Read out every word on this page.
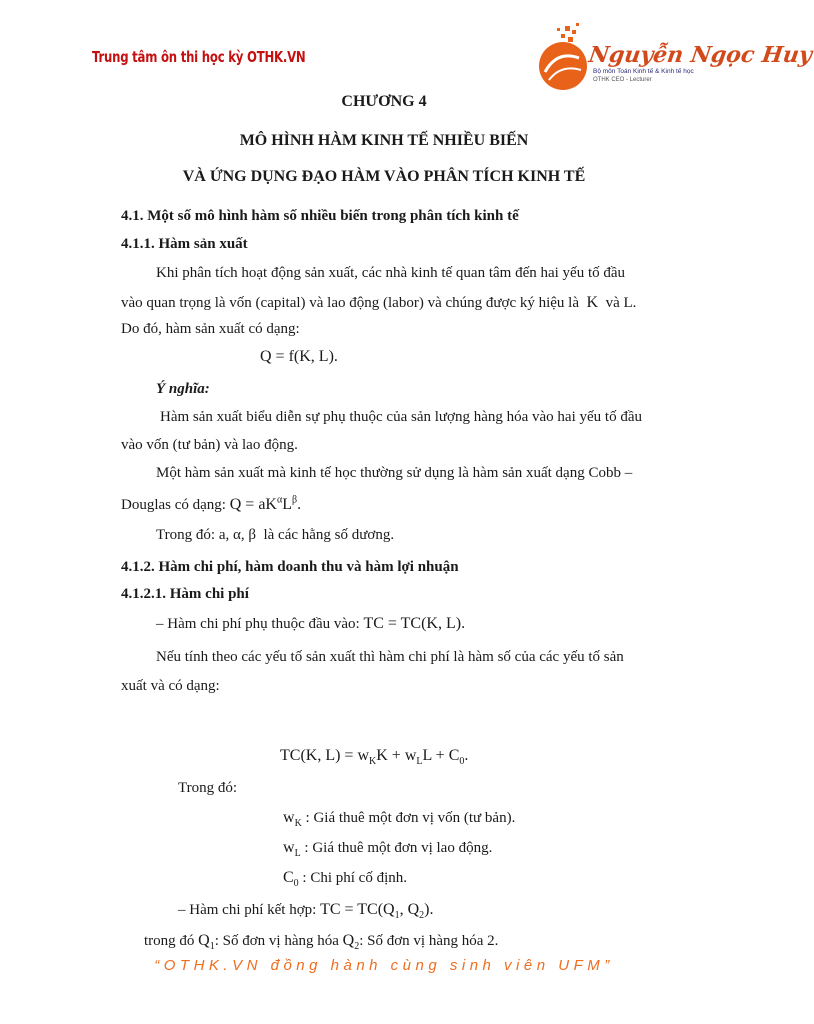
Trung tâm ôn thi học kỳ OTHK.VN	Nguyễn Ngọc Huy
Bộ môn Toán Kinh tế & Kinh tế học
OTHK CEO - Lecturer
CHƯƠNG 4
MÔ HÌNH HÀM KINH TẾ NHIỀU BIẾN
VÀ ỨNG DỤNG ĐẠO HÀM VÀO PHÂN TÍCH KINH TẾ
4.1. Một số mô hình hàm số nhiều biến trong phân tích kinh tế
4.1.1. Hàm sản xuất
Khi phân tích hoạt động sản xuất, các nhà kinh tế quan tâm đến hai yếu tố đầu
vào quan trọng là vốn (capital) và lao động (labor) và chúng được ký hiệu là K và L.
Do đó, hàm sản xuất có dạng:
Q = f(K, L).
Ý nghĩa:
Hàm sản xuất biểu diễn sự phụ thuộc của sản lượng hàng hóa vào hai yếu tố đầu
vào vốn (tư bản) và lao động.
Một hàm sản xuất mà kinh tế học thường sử dụng là hàm sản xuất dạng Cobb –
Douglas có dạng: $Q = aK^\alpha L^\beta$.
Trong đó: a, α, β là các hằng số dương.
4.1.2. Hàm chi phí, hàm doanh thu và hàm lợi nhuận
4.1.2.1. Hàm chi phí
– Hàm chi phí phụ thuộc đầu vào: TC = TC(K, L).
Nếu tính theo các yếu tố sản xuất thì hàm chi phí là hàm số của các yếu tố sản
xuất và có dạng:
TC(K, $L) = w_KK + w_LL + C_0$.
Trong đó:
$w_K$ : Giá thuê một đơn vị vốn (tư bản).
$w_L$ : Giá thuê một đơn vị lao động.
$C_0$ : Chi phí cố định.
– Hàm chi phí kết hợp: TC = $TC(Q_1$, $Q_2$).
trong đó $Q_1$: Số đơn vị hàng hóa $Q_2$: Số đơn vị hàng hóa 2.
“OTHK.VN đồng hành cùng sinh viên UFM”
